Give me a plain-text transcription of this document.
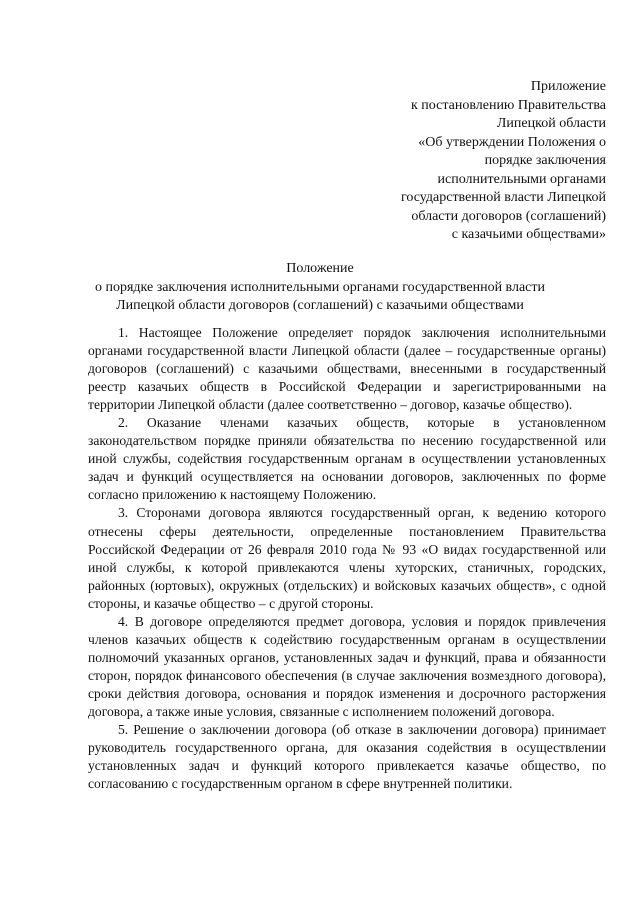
Приложение
к постановлению Правительства
Липецкой области
«Об утверждении Положения о
порядке заключения
исполнительными органами
государственной власти Липецкой
области договоров (соглашений)
с казачьими обществами»
Положение
о порядке заключения исполнительными органами государственной власти
Липецкой области договоров (соглашений) с казачьими обществами

1. Настоящее Положение определяет порядок заключения исполнительными органами государственной власти Липецкой области (далее – государственные органы) договоров (соглашений) с казачьими обществами, внесенными в государственный реестр казачьих обществ в Российской Федерации и зарегистрированными на территории Липецкой области (далее соответственно – договор, казачье общество).

2. Оказание членами казачьих обществ, которые в установленном законодательством порядке приняли обязательства по несению государственной или иной службы, содействия государственным органам в осуществлении установленных задач и функций осуществляется на основании договоров, заключенных по форме согласно приложению к настоящему Положению.

3. Сторонами договора являются государственный орган, к ведению которого отнесены сферы деятельности, определенные постановлением Правительства Российской Федерации от 26 февраля 2010 года № 93 «О видах государственной или иной службы, к которой привлекаются члены хуторских, станичных, городских, районных (юртовых), окружных (отдельских) и войсковых казачьих обществ», с одной стороны, и казачье общество – с другой стороны.

4. В договоре определяются предмет договора, условия и порядок привлечения членов казачьих обществ к содействию государственным органам в осуществлении полномочий указанных органов, установленных задач и функций, права и обязанности сторон, порядок финансового обеспечения (в случае заключения возмездного договора), сроки действия договора, основания и порядок изменения и досрочного расторжения договора, а также иные условия, связанные с исполнением положений договора.

5. Решение о заключении договора (об отказе в заключении договора) принимает руководитель государственного органа, для оказания содействия в осуществлении установленных задач и функций которого привлекается казачье общество, по согласованию с государственным органом в сфере внутренней политики.
